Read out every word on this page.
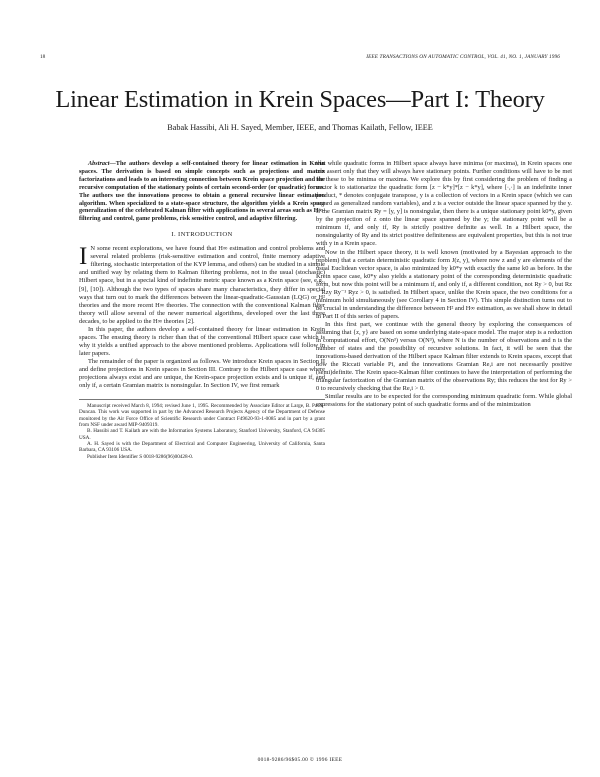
18	IEEE TRANSACTIONS ON AUTOMATIC CONTROL, VOL. 41, NO. 1, JANUARY 1996
Linear Estimation in Krein Spaces—Part I: Theory
Babak Hassibi, Ali H. Sayed, Member, IEEE, and Thomas Kailath, Fellow, IEEE

Abstract—The authors develop a self-contained theory for linear estimation in Krein spaces. The derivation is based on simple concepts such as projections and matrix factorizations and leads to an interesting connection between Krein space projection and the recursive computation of the stationary points of certain second-order (or quadratic) forms. The authors use the innovations process to obtain a general recursive linear estimation algorithm. When specialized to a state-space structure, the algorithm yields a Krein space generalization of the celebrated Kalman filter with applications in several areas such as H∞-filtering and control, game problems, risk sensitive control, and adaptive filtering.

I. INTRODUCTION

I N some recent explorations, we have found that H∞ estimation and control problems and several related problems (risk-sensitive estimation and control, finite memory adaptive filtering, stochastic interpretation of the KYP lemma, and others) can be studied in a simple and unified way by relating them to Kalman filtering problems, not in the usual (stochastic) Hilbert space, but in a special kind of indefinite metric space known as a Krein space (see, e.g., [9], [10]). Although the two types of spaces share many characteristics, they differ in special ways that turn out to mark the differences between the linear-quadratic-Gaussian (LQG) or H² theories and the more recent H∞ theories. The connection with the conventional Kalman filter theory will allow several of the newer numerical algorithms, developed over the last three decades, to be applied to the H∞ theories [2].

In this paper, the authors develop a self-contained theory for linear estimation in Krein spaces. The ensuing theory is richer than that of the conventional Hilbert space case which is why it yields a unified approach to the above mentioned problems. Applications will follow in later papers.

The remainder of the paper is organized as follows. We introduce Krein spaces in Section II and define projections in Krein spaces in Section III. Contrary to the Hilbert space case where projections always exist and are unique, the Krein-space projection exists and is unique if, and only if, a certain Gramian matrix is nonsingular. In Section IV, we first remark

Manuscript received March 8, 1994; revised June 1, 1995. Recommended by Associate Editor at Large, B. Pasik-Duncan. This work was supported in part by the Advanced Research Projects Agency of the Department of Defense monitored by the Air Force Office of Scientific Research under Contract F49620-93-1-0085 and in part by a grant from NSF under award MIP-9409319.

B. Hassibi and T. Kailath are with the Information Systems Laboratory, Stanford University, Stanford, CA 94305 USA.

A. H. Sayed is with the Department of Electrical and Computer Engineering, University of California, Santa Barbara, CA 93106 USA.

Publisher Item Identifier S 0018-9286(96)00428-0.

that while quadratic forms in Hilbert space always have minima (or maxima), in Krein spaces one can assert only that they will always have stationary points. Further conditions will have to be met for these to be minima or maxima. We explore this by first considering the problem of finding a vector k to stationarize the quadratic form [z − k*y]*[z − k*y], where [·,·] is an indefinite inner product, * denotes conjugate transpose, y is a collection of vectors in a Krein space (which we can regard as generalized random variables), and z is a vector outside the linear space spanned by the y. If the Gramian matrix Ry = [y, y] is nonsingular, then there is a unique stationary point k0*y, given by the projection of z onto the linear space spanned by the y; the stationary point will be a minimum if, and only if, Ry is strictly positive definite as well. In a Hilbert space, the nonsingularity of Ry and its strict positive definiteness are equivalent properties, but this is not true with y in a Krein space.

Now in the Hilbert space theory, it is well known (motivated by a Bayesian approach to the problem) that a certain deterministic quadratic form J(z, y), where now z and y are elements of the usual Euclidean vector space, is also minimized by k0*y with exactly the same k0 as before. In the Krein space case, k0*y also yields a stationary point of the corresponding deterministic quadratic form, but now this point will be a minimum if, and only if, a different condition, not Ry > 0, but Rz − Rzy Ry⁻¹ Ryz > 0, is satisfied. In Hilbert space, unlike the Krein space, the two conditions for a minimum hold simultaneously (see Corollary 4 in Section IV). This simple distinction turns out to be crucial in understanding the difference between H² and H∞ estimation, as we shall show in detail in Part II of this series of papers.

In this first part, we continue with the general theory by exploring the consequences of assuming that {z, y} are based on some underlying state-space model. The major step is a reduction in computational effort, O(Nn³) versus O(N³), where N is the number of observations and n is the number of states and the possibility of recursive solutions. In fact, it will be seen that the innovations-based derivation of the Hilbert space Kalman filter extends to Krein spaces, except that now the Riccati variable Pi, and the innovations Gramian Re,i are not necessarily positive (semi)definite. The Krein space-Kalman filter continues to have the interpretation of performing the triangular factorization of the Gramian matrix of the observations Ry; this reduces the test for Ry > 0 to recursively checking that the Re,i > 0.

Similar results are to be expected for the corresponding minimum quadratic form. While global expressions for the stationary point of such quadratic forms and of the minimization

0018-9286/96$05.00 © 1996 IEEE
